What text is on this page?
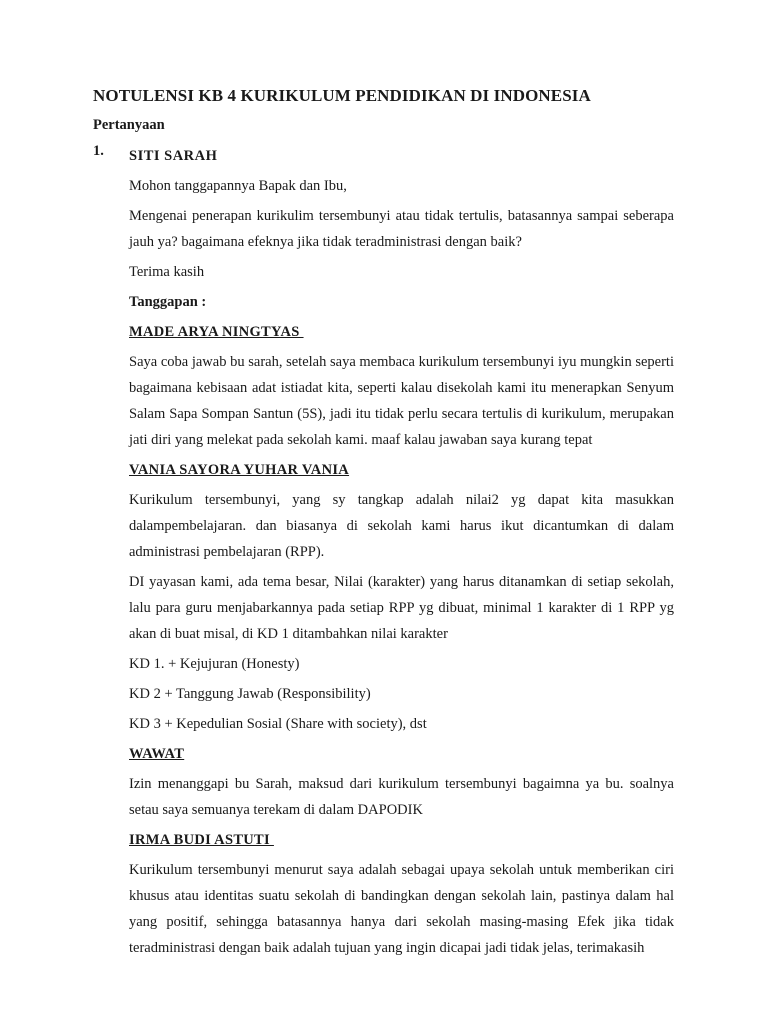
NOTULENSI KB 4 KURIKULUM PENDIDIKAN DI INDONESIA
Pertanyaan
1. SITI SARAH

Mohon tanggapannya Bapak dan Ibu,

Mengenai penerapan kurikulim tersembunyi atau tidak tertulis, batasannya sampai seberapa jauh ya? bagaimana efeknya jika tidak teradministrasi dengan baik?

Terima kasih

Tanggapan :

MADE ARYA NINGTYAS

Saya coba jawab bu sarah, setelah saya membaca kurikulum tersembunyi iyu mungkin seperti bagaimana kebisaan adat istiadat kita, seperti kalau disekolah kami itu menerapkan Senyum Salam Sapa Sompan Santun (5S), jadi itu tidak perlu secara tertulis di kurikulum, merupakan jati diri yang melekat pada sekolah kami. maaf kalau jawaban saya kurang tepat

VANIA SAYORA YUHAR VANIA

Kurikulum tersembunyi, yang sy tangkap adalah nilai2 yg dapat kita masukkan dalampembelajaran. dan biasanya di sekolah kami harus ikut dicantumkan di dalam administrasi pembelajaran (RPP).

DI yayasan kami, ada tema besar, Nilai (karakter) yang harus ditanamkan di setiap sekolah, lalu para guru menjabarkannya pada setiap RPP yg dibuat, minimal 1 karakter di 1 RPP yg akan di buat misal, di KD 1 ditambahkan nilai karakter

KD 1. + Kejujuran (Honesty)

KD 2 + Tanggung Jawab (Responsibility)

KD 3 + Kepedulian Sosial (Share with society), dst

WAWAT

Izin menanggapi bu Sarah, maksud dari kurikulum tersembunyi bagaimna ya bu. soalnya setau saya semuanya terekam di dalam DAPODIK

IRMA BUDI ASTUTI

Kurikulum tersembunyi menurut saya adalah sebagai upaya sekolah untuk memberikan ciri khusus atau identitas suatu sekolah di bandingkan dengan sekolah lain, pastinya dalam hal yang positif, sehingga batasannya hanya dari sekolah masing-masing Efek jika tidak teradministrasi dengan baik adalah tujuan yang ingin dicapai jadi tidak jelas, terimakasih
